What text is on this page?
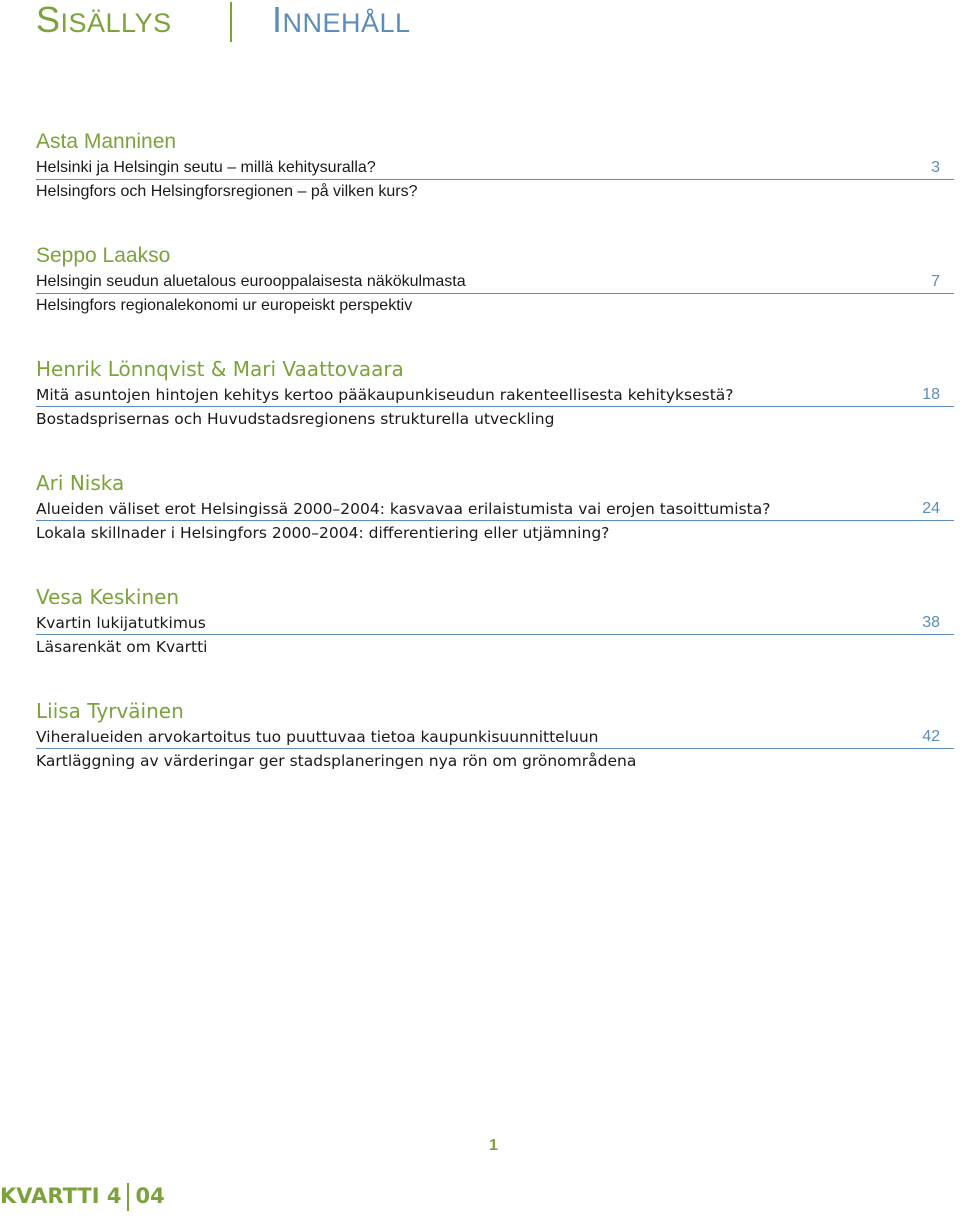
SISÄLLYS	INNEHÅLL
Asta Manninen
Helsinki ja Helsingin seutu – millä kehitysuralla?	3
Helsingfors och Helsingforsregionen – på vilken kurs?
Seppo Laakso
Helsingin seudun aluetalous eurooppalaisesta näkökulmasta	7
Helsingfors regionalekonomi ur europeiskt perspektiv
Henrik Lönnqvist & Mari Vaattovaara
Mitä asuntojen hintojen kehitys kertoo pääkaupunkiseudun rakenteellisesta kehityksestä?	18
Bostadsprisernas och Huvudstadsregionens strukturella utveckling
Ari Niska
Alueiden väliset erot Helsingissä 2000–2004: kasvavaa erilaistumista vai erojen tasoittumista?	24
Lokala skillnader i Helsingfors 2000–2004: differentiering eller utjämning?
Vesa Keskinen
Kvartin lukijatutkimus	38
Läsarenkät om Kvartti
Liisa Tyrväinen
Viheralueiden arvokartoitus tuo puuttuvaa tietoa kaupunkisuunnitteluun	42
Kartläggning av värderingar ger stadsplaneringen nya rön om grönområdena
1
KVARTTI 4 04
